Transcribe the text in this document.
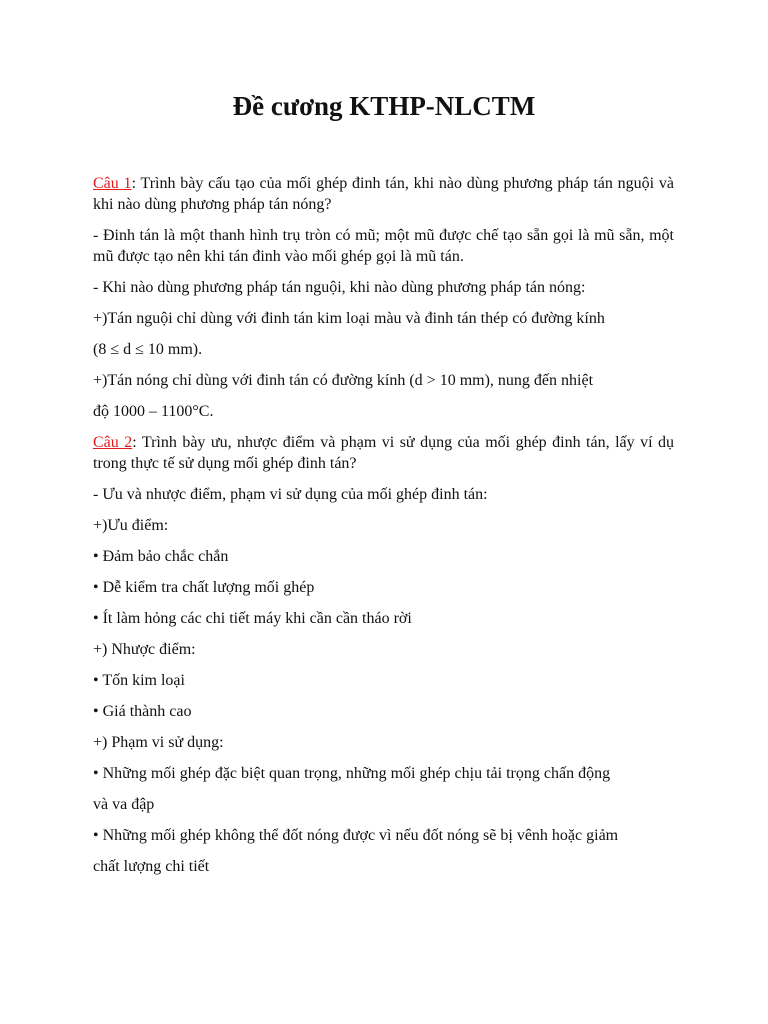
Đề cương KTHP-NLCTM

Câu 1: Trình bày cấu tạo của mối ghép đinh tán, khi nào dùng phương pháp tán nguội và khi nào dùng phương pháp tán nóng?

- Đinh tán là một thanh hình trụ tròn có mũ; một mũ được chế tạo sẵn gọi là mũ sẵn, một mũ được tạo nên khi tán đinh vào mối ghép gọi là mũ tán.

- Khi nào dùng phương pháp tán nguội, khi nào dùng phương pháp tán nóng:

+)Tán nguội chỉ dùng với đinh tán kim loại màu và đinh tán thép có đường kính

(8 ≤ d ≤ 10 mm).

+)Tán nóng chỉ dùng với đinh tán có đường kính (d > 10 mm), nung đến nhiệt

độ 1000 – 1100°C.

Câu 2: Trình bày ưu, nhược điểm và phạm vi sử dụng của mối ghép đinh tán, lấy ví dụ trong thực tế sử dụng mối ghép đinh tán?

- Ưu và nhược điểm, phạm vi sử dụng của mối ghép đinh tán:

+)Ưu điểm:

• Đảm bảo chắc chắn

• Dễ kiểm tra chất lượng mối ghép

• Ít làm hỏng các chi tiết máy khi cần cần tháo rời

+) Nhược điểm:

• Tốn kim loại

• Giá thành cao

+) Phạm vi sử dụng:

• Những mối ghép đặc biệt quan trọng, những mối ghép chịu tải trọng chấn động

và va đập

• Những mối ghép không thể đốt nóng được vì nếu đốt nóng sẽ bị vênh hoặc giảm

chất lượng chi tiết
